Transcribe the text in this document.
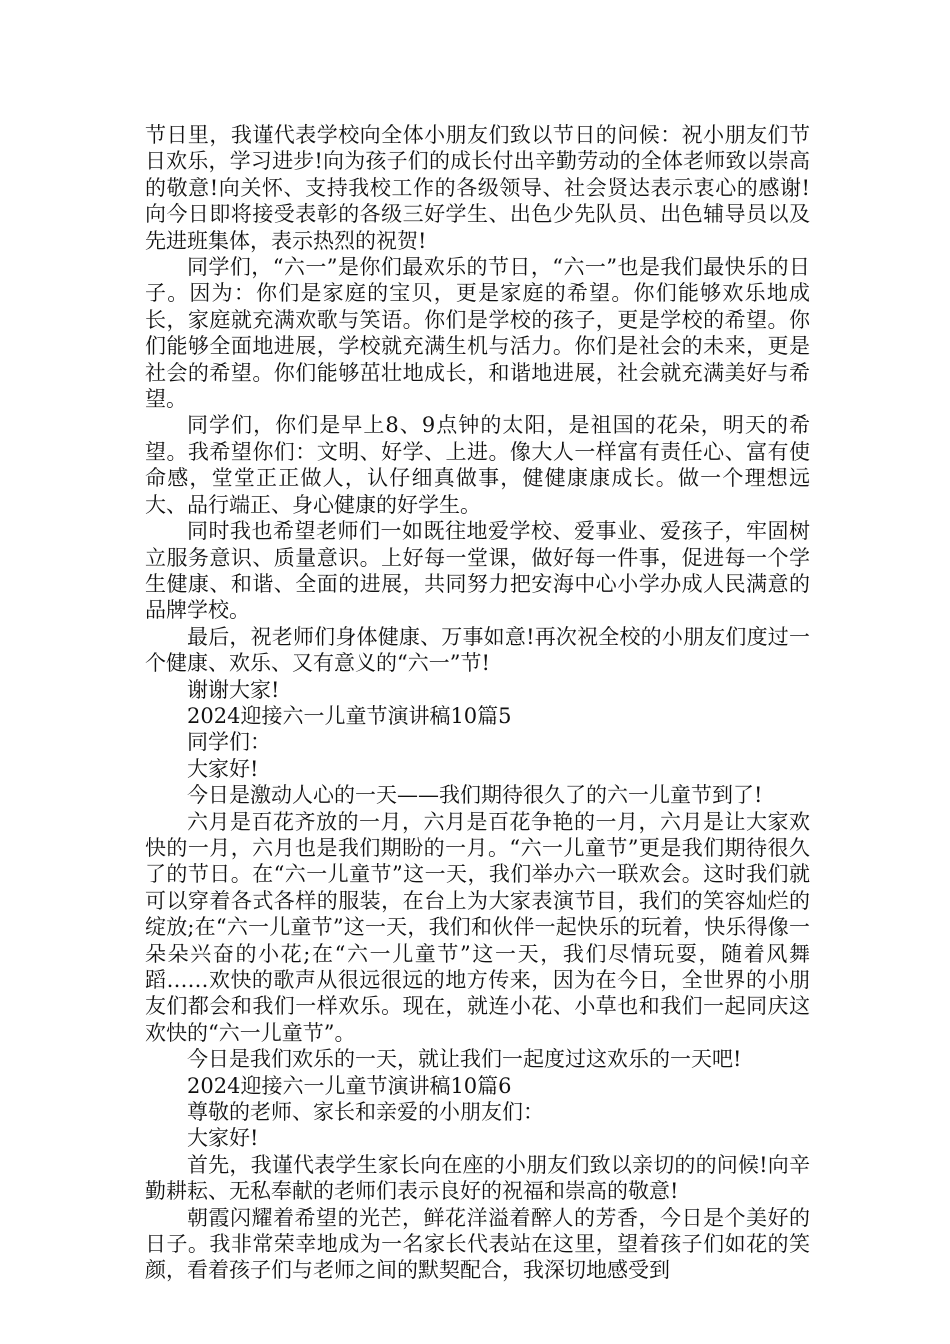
节日里，我谨代表学校向全体小朋友们致以节日的问候：祝小朋友们节日欢乐，学习进步!向为孩子们的成长付出辛勤劳动的全体老师致以崇高的敬意!向关怀、支持我校工作的各级领导、社会贤达表示衷心的感谢!向今日即将接受表彰的各级三好学生、出色少先队员、出色辅导员以及先进班集体，表示热烈的祝贺!

同学们，“六一”是你们最欢乐的节日，“六一”也是我们最快乐的日子。因为：你们是家庭的宝贝，更是家庭的希望。你们能够欢乐地成长，家庭就充满欢歌与笑语。你们是学校的孩子，更是学校的希望。你们能够全面地进展，学校就充满生机与活力。你们是社会的未来，更是社会的希望。你们能够茁壮地成长，和谐地进展，社会就充满美好与希望。

同学们，你们是早上8、9点钟的太阳，是祖国的花朵，明天的希望。我希望你们：文明、好学、上进。像大人一样富有责任心、富有使命感，堂堂正正做人，认仔细真做事，健健康康成长。做一个理想远大、品行端正、身心健康的好学生。

同时我也希望老师们一如既往地爱学校、爱事业、爱孩子，牢固树立服务意识、质量意识。上好每一堂课，做好每一件事，促进每一个学生健康、和谐、全面的进展，共同努力把安海中心小学办成人民满意的品牌学校。

最后，祝老师们身体健康、万事如意!再次祝全校的小朋友们度过一个健康、欢乐、又有意义的“六一”节!

谢谢大家!

2024迎接六一儿童节演讲稿10篇5

同学们：

大家好!

今日是激动人心的一天——我们期待很久了的六一儿童节到了!

六月是百花齐放的一月，六月是百花争艳的一月，六月是让大家欢快的一月，六月也是我们期盼的一月。“六一儿童节”更是我们期待很久了的节日。在“六一儿童节”这一天，我们举办六一联欢会。这时我们就可以穿着各式各样的服装，在台上为大家表演节目，我们的笑容灿烂的绽放;在“六一儿童节”这一天，我们和伙伴一起快乐的玩着，快乐得像一朵朵兴奋的小花;在“六一儿童节”这一天，我们尽情玩耍，随着风舞蹈……欢快的歌声从很远很远的地方传来，因为在今日，全世界的小朋友们都会和我们一样欢乐。现在，就连小花、小草也和我们一起同庆这欢快的“六一儿童节”。

今日是我们欢乐的一天，就让我们一起度过这欢乐的一天吧!

2024迎接六一儿童节演讲稿10篇6

尊敬的老师、家长和亲爱的小朋友们：

大家好!

首先，我谨代表学生家长向在座的小朋友们致以亲切的的问候!向辛勤耕耘、无私奉献的老师们表示良好的祝福和崇高的敬意!

朝霞闪耀着希望的光芒，鲜花洋溢着醉人的芳香，今日是个美好的日子。我非常荣幸地成为一名家长代表站在这里，望着孩子们如花的笑颜，看着孩子们与老师之间的默契配合，我深切地感受到
